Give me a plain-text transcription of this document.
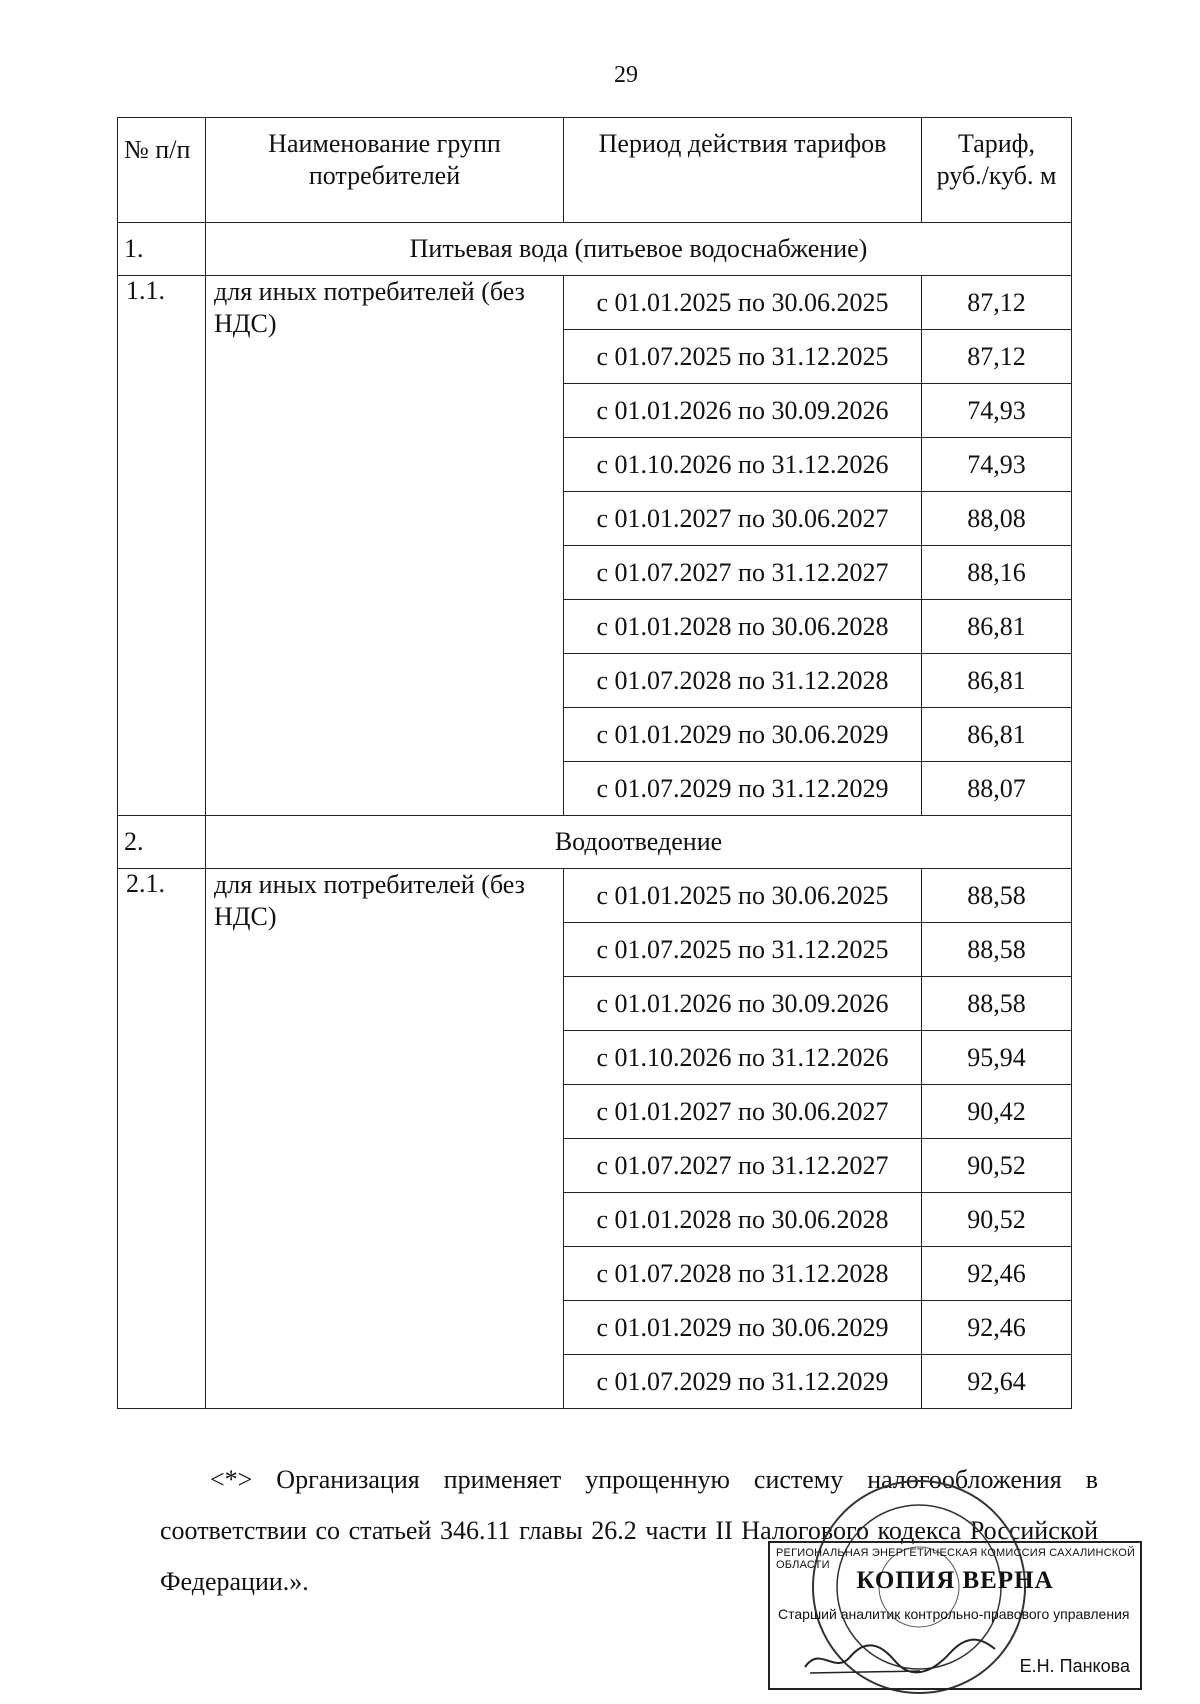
29
№ п/п	Наименование групп потребителей	Период действия тарифов	Тариф, руб./куб. м
1.	Питьевая вода (питьевое водоснабжение)		
1.1.	для иных потребителей (без НДС)	с 01.01.2025 по 30.06.2025	87,12
		с 01.07.2025 по 31.12.2025	87,12
		с 01.01.2026 по 30.09.2026	74,93
		с 01.10.2026 по 31.12.2026	74,93
		с 01.01.2027 по 30.06.2027	88,08
		с 01.07.2027 по 31.12.2027	88,16
		с 01.01.2028 по 30.06.2028	86,81
		с 01.07.2028 по 31.12.2028	86,81
		с 01.01.2029 по 30.06.2029	86,81
		с 01.07.2029 по 31.12.2029	88,07
2.	Водоотведение		
2.1.	для иных потребителей (без НДС)	с 01.01.2025 по 30.06.2025	88,58
		с 01.07.2025 по 31.12.2025	88,58
		с 01.01.2026 по 30.09.2026	88,58
		с 01.10.2026 по 31.12.2026	95,94
		с 01.01.2027 по 30.06.2027	90,42
		с 01.07.2027 по 31.12.2027	90,52
		с 01.01.2028 по 30.06.2028	90,52
		с 01.07.2028 по 31.12.2028	92,46
		с 01.01.2029 по 30.06.2029	92,46
		с 01.07.2029 по 31.12.2029	92,64

<*> Организация применяет упрощенную систему налогообложения в соответствии со статьей 346.11 главы 26.2 части II Налогового кодекса Российской Федерации.».

РЕГИОНАЛЬНАЯ ЭНЕРГЕТИЧЕСКАЯ КОМИССИЯ САХАЛИНСКОЙ ОБЛАСТИ
КОПИЯ ВЕРНА
Старший аналитик контрольно-правового управления
Е.Н. Панкова
